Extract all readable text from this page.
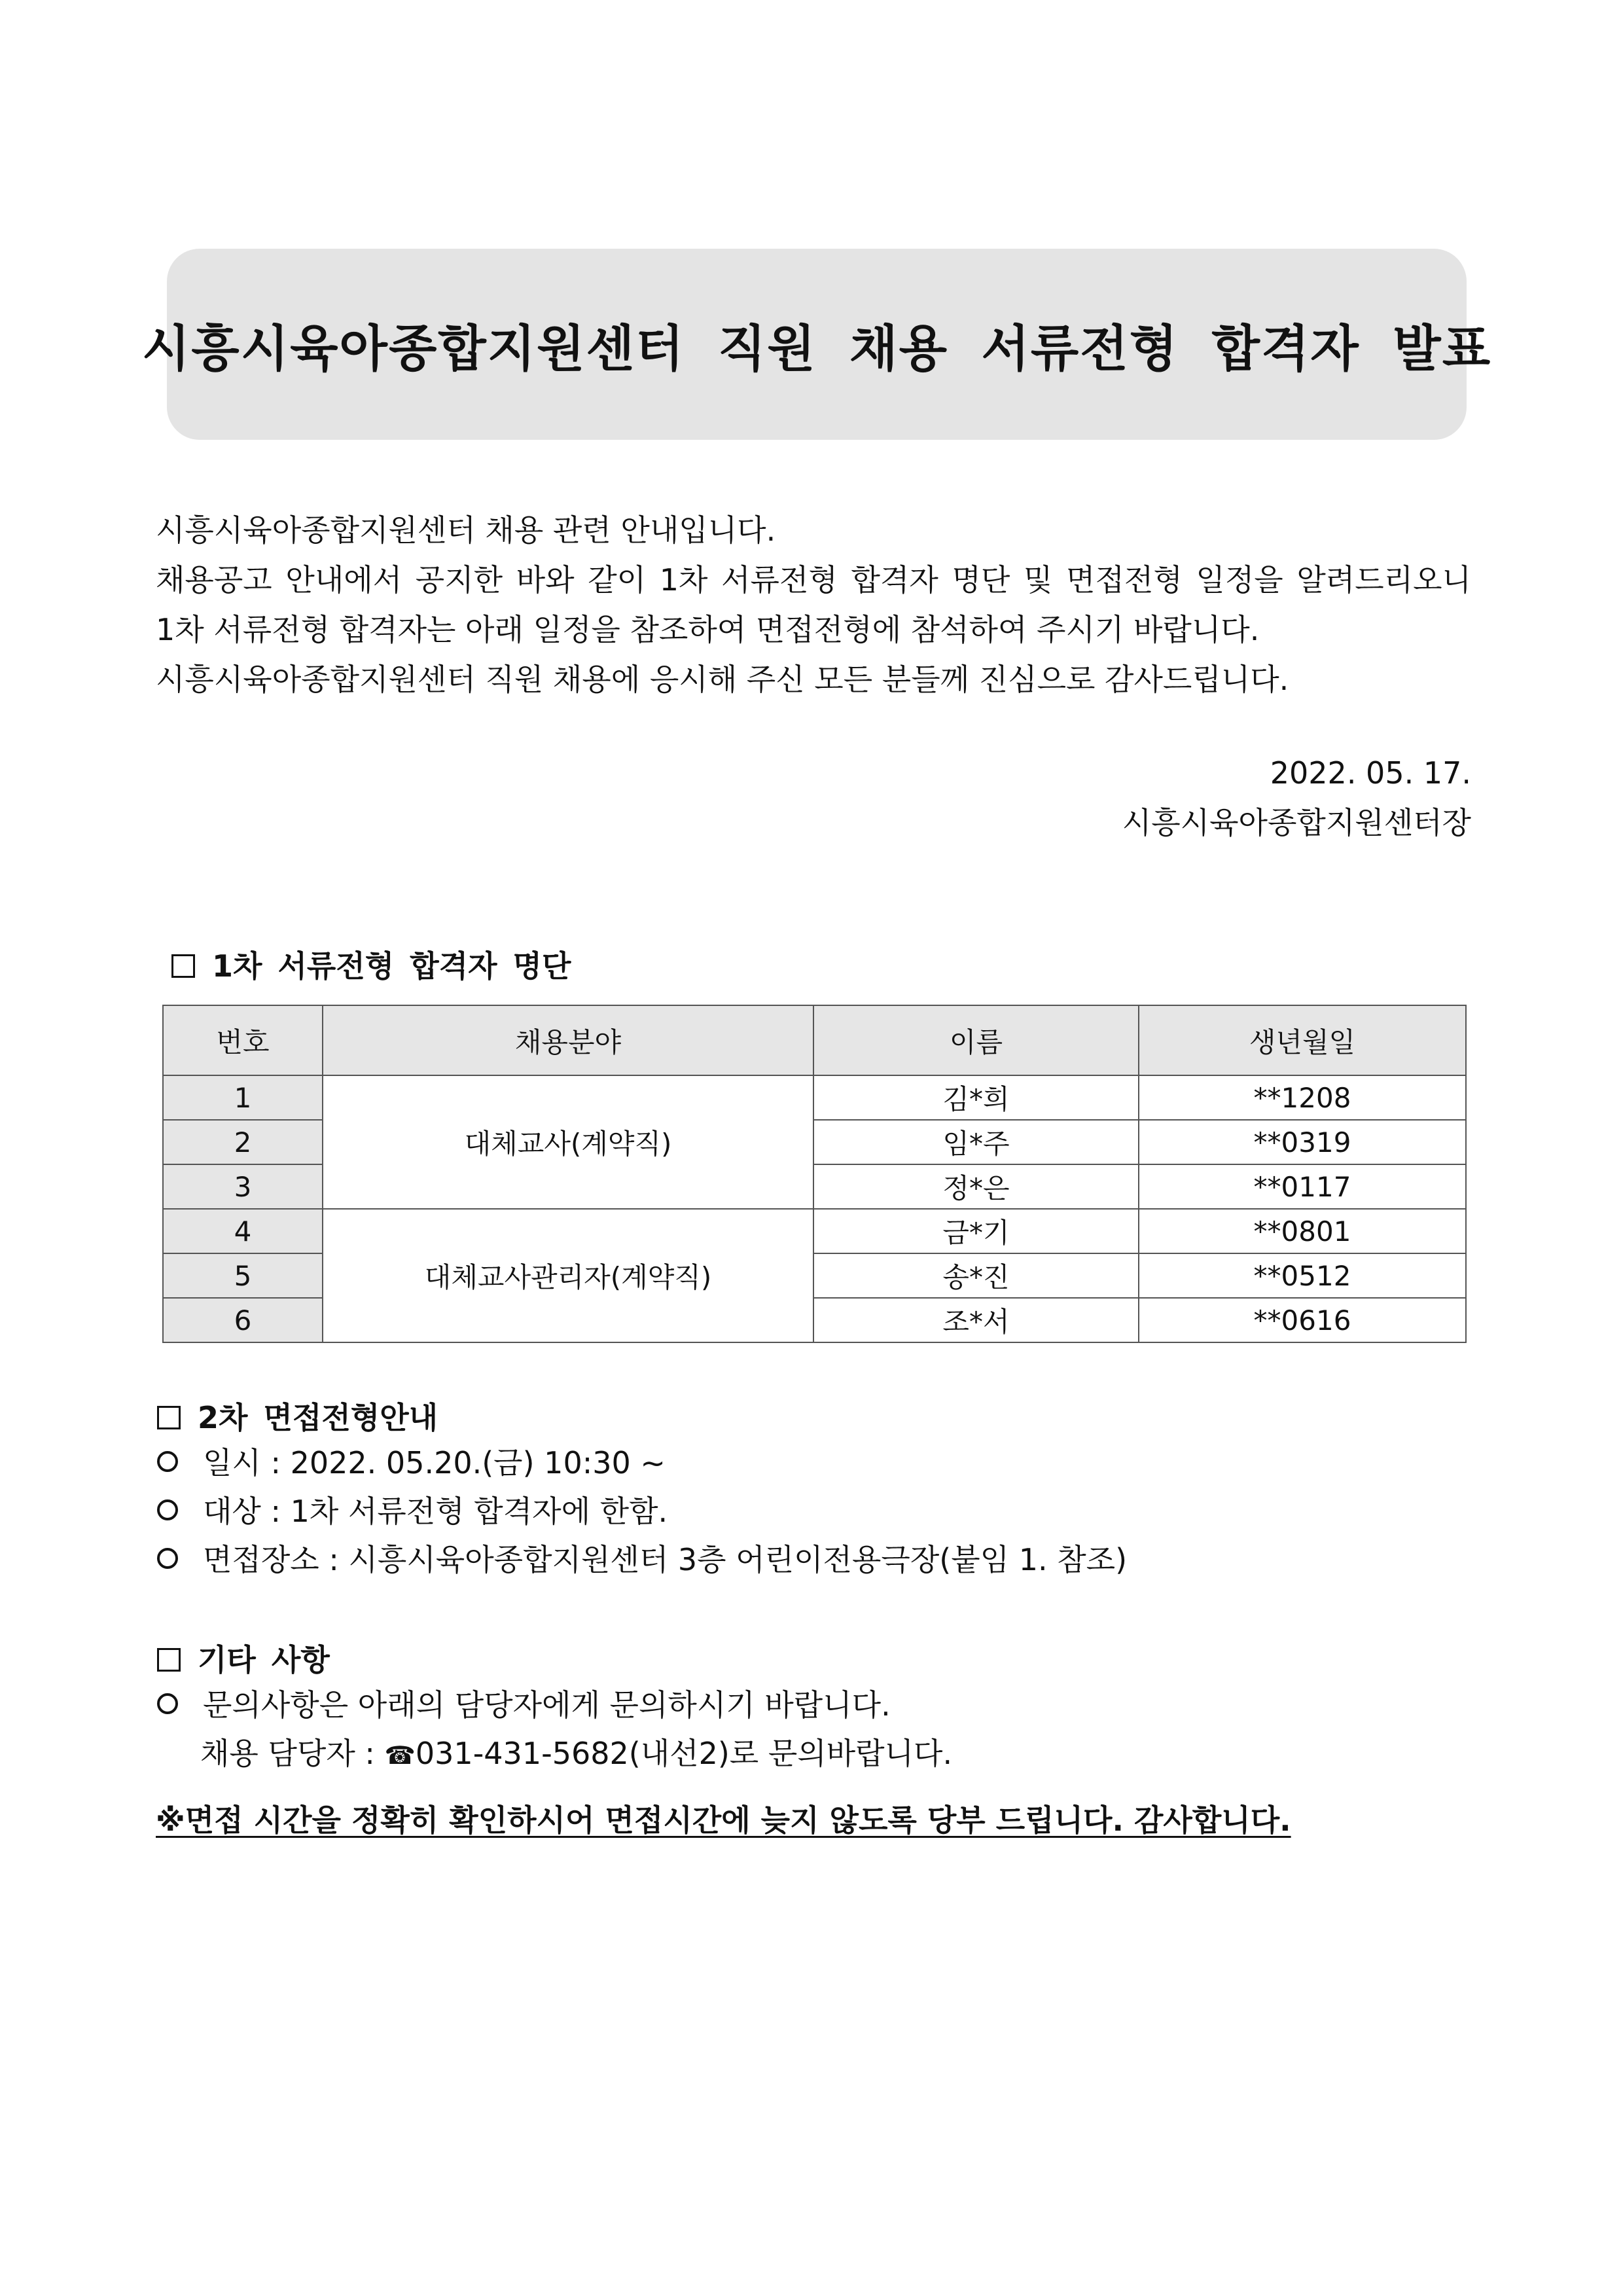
시흥시육아종합지원센터 직원 채용 서류전형 합격자 발표
시흥시육아종합지원센터 채용 관련 안내입니다.
채용공고 안내에서 공지한 바와 같이 1차 서류전형 합격자 명단 및 면접전형 일정을 알려드리오니
1차 서류전형 합격자는 아래 일정을 참조하여 면접전형에 참석하여 주시기 바랍니다.
시흥시육아종합지원센터 직원 채용에 응시해 주신 모든 분들께 진심으로 감사드립니다.
2022. 05. 17.
시흥시육아종합지원센터장
1차 서류전형 합격자 명단
번호	채용분야	이름	생년월일
1	대체교사(계약직)	김*희	**1208
2		임*주	**0319
3		정*은	**0117
4	대체교사관리자(계약직)	금*기	**0801
5		송*진	**0512
6		조*서	**0616
2차 면접전형안내
일시 : 2022. 05.20.(금) 10:30 ~
대상 : 1차 서류전형 합격자에 한함.
면접장소 : 시흥시육아종합지원센터 3층 어린이전용극장(붙임 1. 참조)
기타 사항
문의사항은 아래의 담당자에게 문의하시기 바랍니다.
채용 담당자 : ☎031-431-5682(내선2)로 문의바랍니다.
※면접 시간을 정확히 확인하시어 면접시간에 늦지 않도록 당부 드립니다. 감사합니다.
